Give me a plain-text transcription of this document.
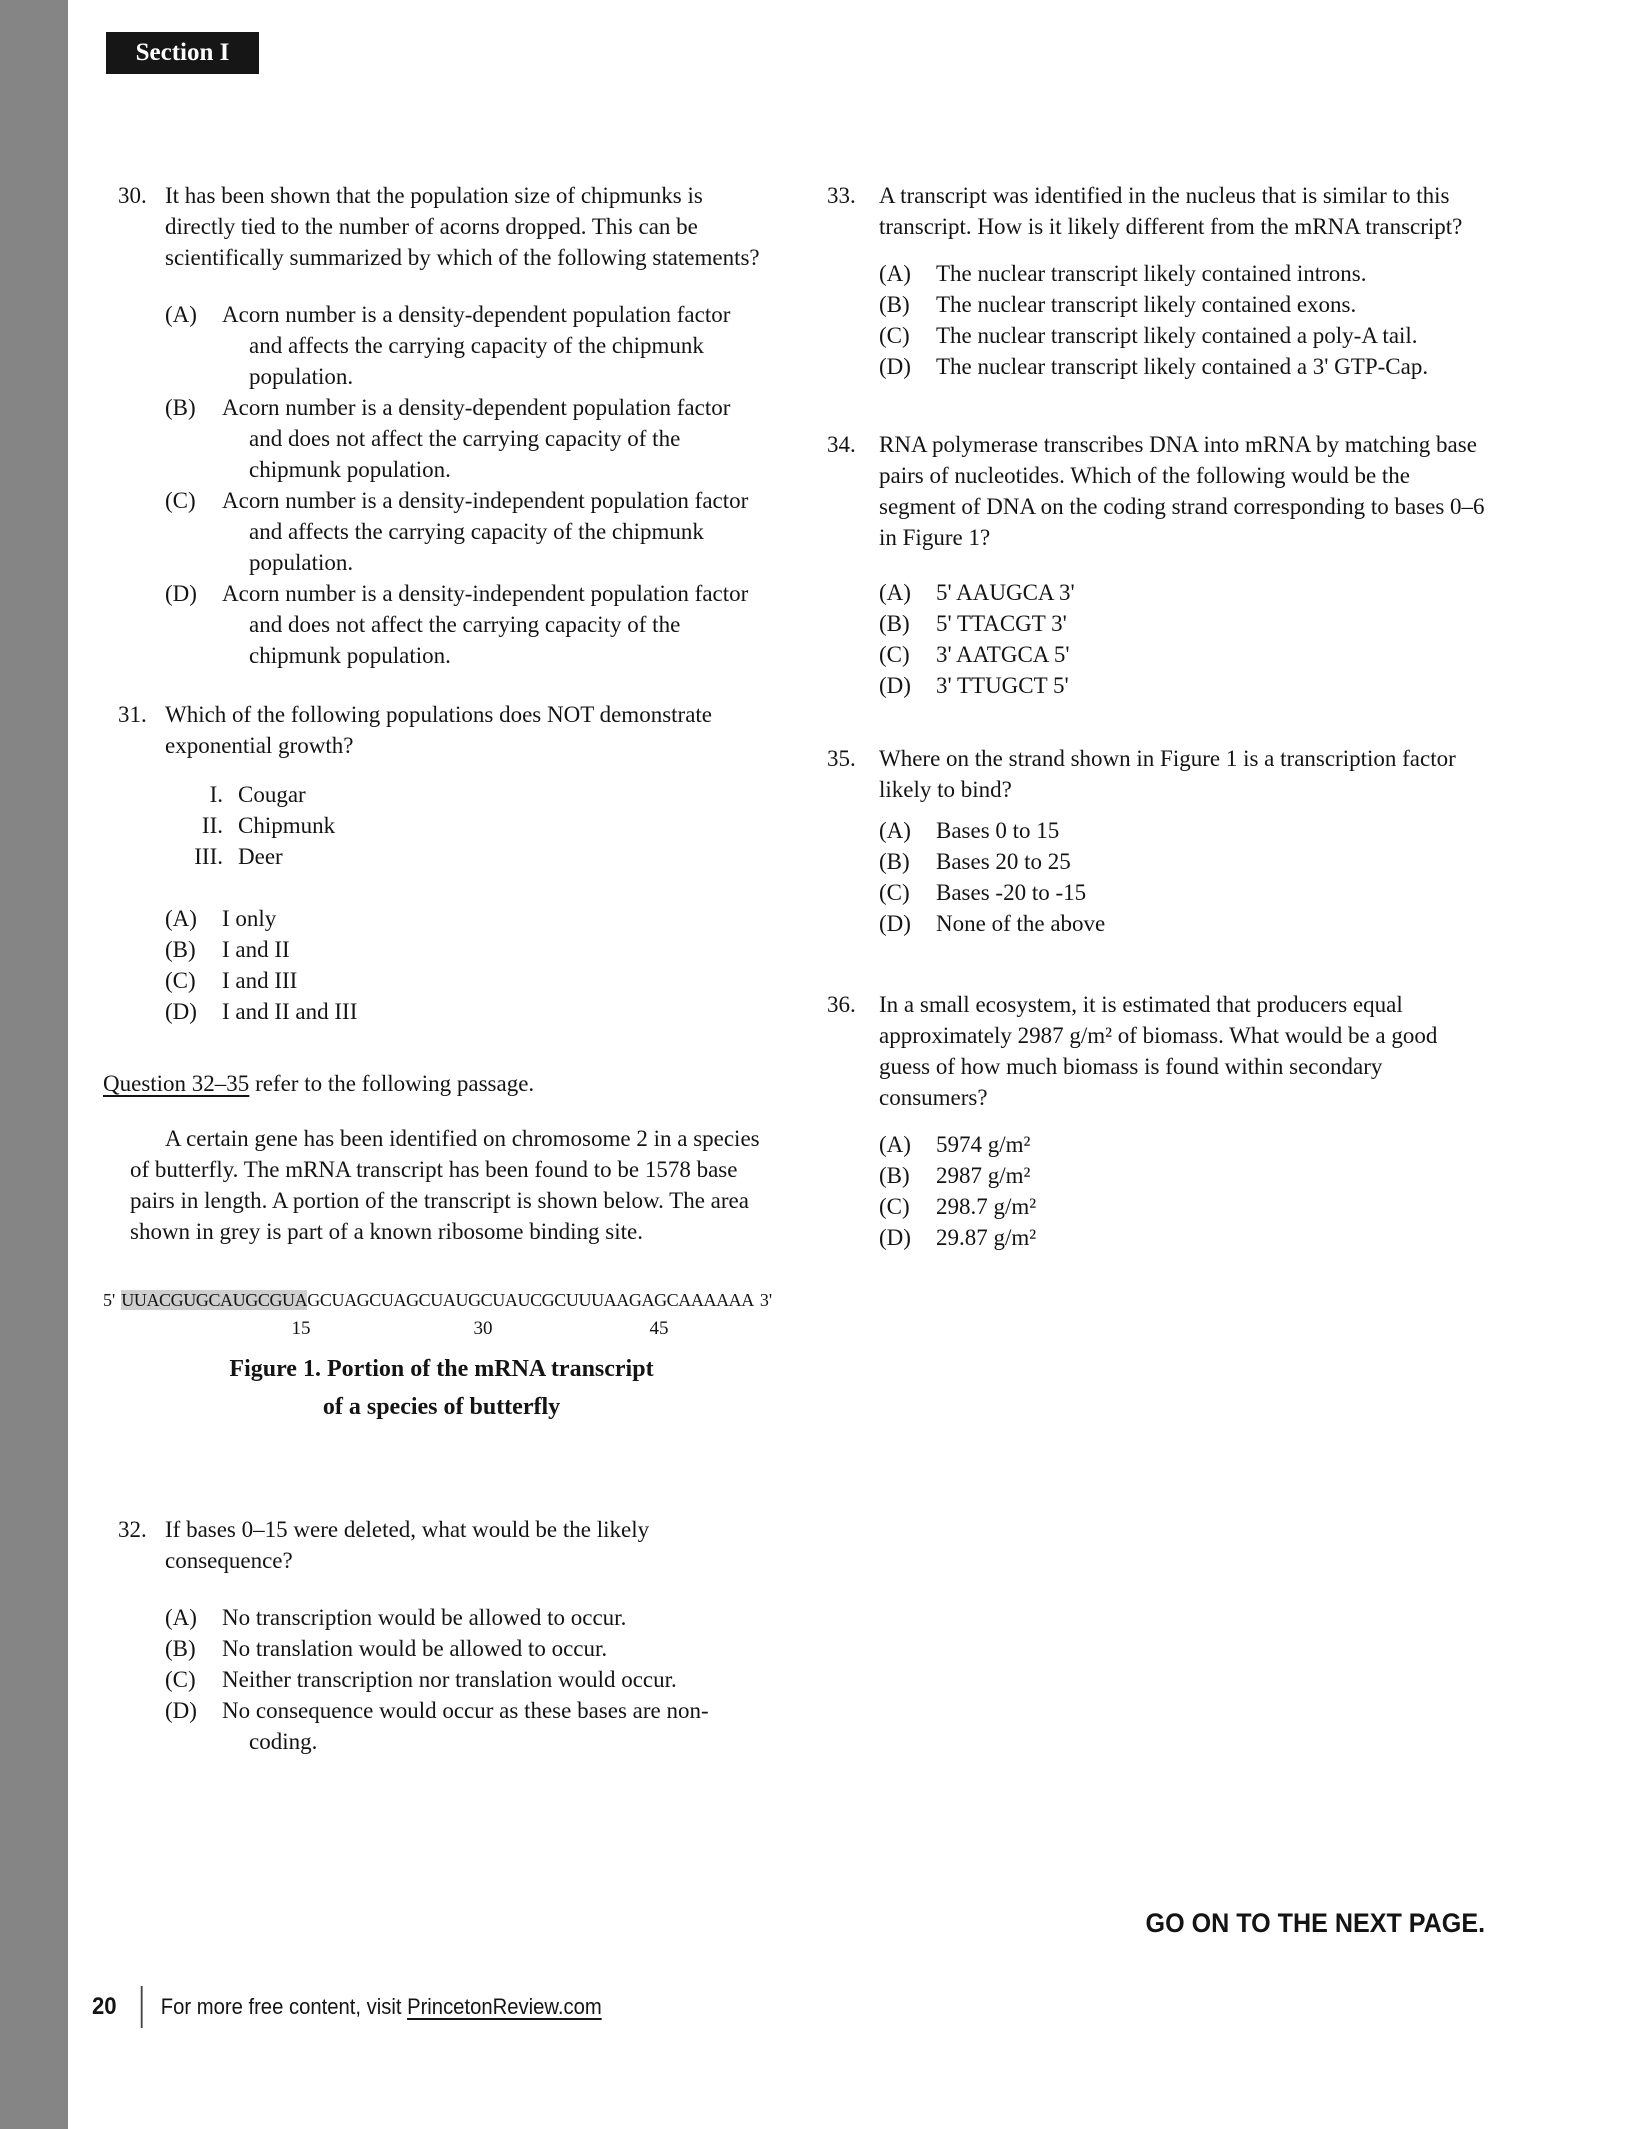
Section I
30. It has been shown that the population size of chipmunks is directly tied to the number of acorns dropped. This can be scientifically summarized by which of the following statements?

(A)	Acorn number is a density-dependent population factor and affects the carrying capacity of the chipmunk population.
(B)	Acorn number is a density-dependent population factor and does not affect the carrying capacity of the chipmunk population.
(C)	Acorn number is a density-independent population factor and affects the carrying capacity of the chipmunk population.
(D)	Acorn number is a density-independent population factor and does not affect the carrying capacity of the chipmunk population.
31. Which of the following populations does NOT demonstrate exponential growth?

I. Cougar
II. Chipmunk
III. Deer
(A)	I only
(B)	I and II
(C)	I and III
(D)	I and II and III

Question 32–35 refer to the following passage.

A certain gene has been identified on chromosome 2 in a species of butterfly. The mRNA transcript has been found to be 1578 base pairs in length. A portion of the transcript is shown below. The area shown in grey is part of a known ribosome binding site.

5' UUACGUGCAUGCGUAGCUAGCUAGCUAUGCUAUCGCUUUAAGAGCAAAAAA 3'
15	30	45
Figure 1. Portion of the mRNA transcript
of a species of butterfly
32. If bases 0–15 were deleted, what would be the likely consequence?

(A)	No transcription would be allowed to occur.
(B)	No translation would be allowed to occur.
(C)	Neither transcription nor translation would occur.
(D)	No consequence would occur as these bases are non-coding.
33.	A transcript was identified in the nucleus that is similar to this transcript. How is it likely different from the mRNA transcript?

(A)	The nuclear transcript likely contained introns.
(B)	The nuclear transcript likely contained exons.
(C)	The nuclear transcript likely contained a poly-A tail.
(D)	The nuclear transcript likely contained a 3' GTP-Cap.
34.	RNA polymerase transcribes DNA into mRNA by matching base pairs of nucleotides. Which of the following would be the segment of DNA on the coding strand corresponding to bases 0–6 in Figure 1?

(A)	5' AAUGCA 3'
(B)	5' TTACGT 3'
(C)	3' AATGCA 5'
(D)	3' TTUGCT 5'
35.	Where on the strand shown in Figure 1 is a transcription factor likely to bind?

(A)	Bases 0 to 15
(B)	Bases 20 to 25
(C)	Bases -20 to -15
(D)	None of the above
36.	In a small ecosystem, it is estimated that producers equal approximately 2987 g/m² of biomass. What would be a good guess of how much biomass is found within secondary consumers?

(A)	5974 g/m²
(B)	2987 g/m²
(C)	298.7 g/m²
(D)	29.87 g/m²
GO ON TO THE NEXT PAGE.
20 For more free content, visit PrincetonReview.com
